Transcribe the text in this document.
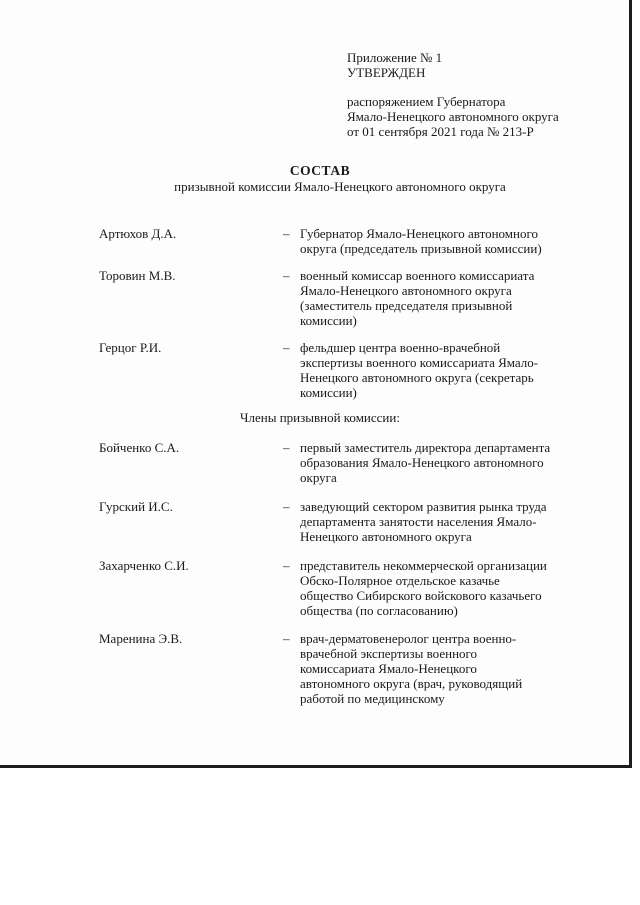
Приложение № 1
УТВЕРЖДЕН
распоряжением Губернатора
Ямало-Ненецкого автономного округа
от 01 сентября 2021 года № 213-Р
СОСТАВ
призывной комиссии Ямало-Ненецкого автономного округа
Артюхов Д.А.	– Губернатор Ямало-Ненецкого автономного
округа (председатель призывной комиссии)
Торовин М.В.	– военный комиссар военного комиссариата
Ямало-Ненецкого автономного округа
(заместитель председателя призывной
комиссии)
Герцог Р.И.	– фельдшер центра военно-врачебной
экспертизы военного комиссариата Ямало-
Ненецкого автономного округа (секретарь
комиссии)
Члены призывной комиссии:
Бойченко С.А.	– первый заместитель директора департамента
образования Ямало-Ненецкого автономного
округа
Гурский И.С.	– заведующий сектором развития рынка труда
департамента занятости населения Ямало-
Ненецкого автономного округа
Захарченко С.И.	– представитель некоммерческой организации
Обско-Полярное отдельское казачье
общество Сибирского войскового казачьего
общества (по согласованию)
Маренина Э.В.	– врач-дерматовенеролог центра военно-
врачебной экспертизы военного
комиссариата Ямало-Ненецкого
автономного округа (врач, руководящий
работой по медицинскому
